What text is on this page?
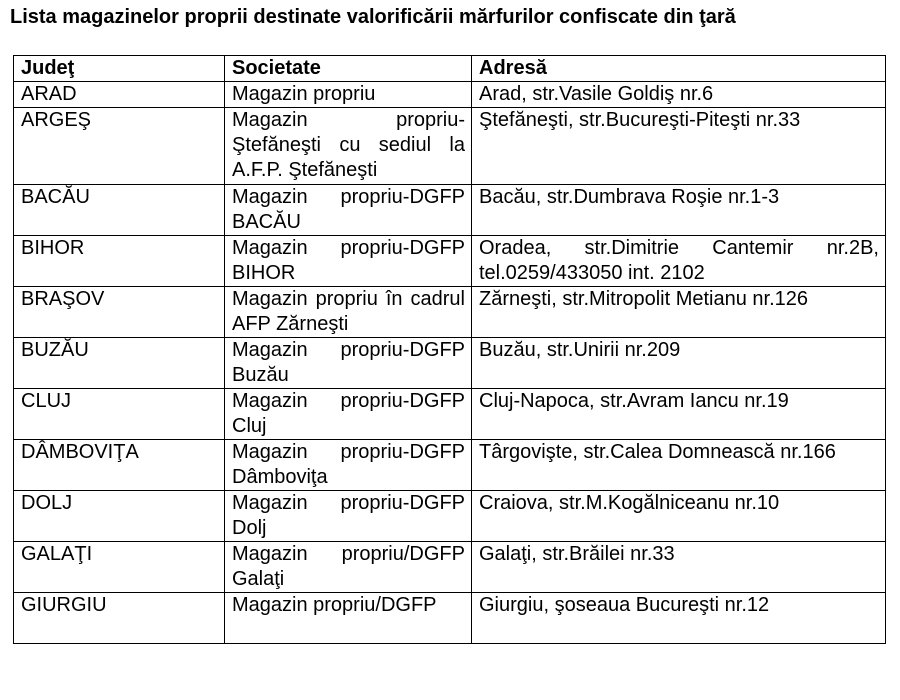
Lista magazinelor proprii destinate valorificării mărfurilor confiscate din ţară
Judeţ	Societate	Adresă
ARAD	Magazin propriu	Arad, str.Vasile Goldiş nr.6
ARGEŞ	Magazin propriu-Ştefăneşti cu sediul la A.F.P. Ştefăneşti	Ştefăneşti, str.Bucureşti-Piteşti nr.33
BACĂU	Magazin propriu-DGFP BACĂU	Bacău, str.Dumbrava Roşie nr.1-3
BIHOR	Magazin propriu-DGFP BIHOR	Oradea, str.Dimitrie Cantemir nr.2B, tel.0259/433050 int. 2102
BRAŞOV	Magazin propriu în cadrul AFP Zărneşti	Zărneşti, str.Mitropolit Metianu nr.126
BUZĂU	Magazin propriu-DGFP Buzău	Buzău, str.Unirii nr.209
CLUJ	Magazin propriu-DGFP Cluj	Cluj-Napoca, str.Avram Iancu nr.19
DÂMBOVIŢA	Magazin propriu-DGFP Dâmboviţa	Târgovişte, str.Calea Domnească nr.166
DOLJ	Magazin propriu-DGFP Dolj	Craiova, str.M.Kogălniceanu nr.10
GALAŢI	Magazin propriu/DGFP Galaţi	Galaţi, str.Brăilei nr.33
GIURGIU	Magazin propriu/DGFP	Giurgiu, şoseaua Bucureşti nr.12
